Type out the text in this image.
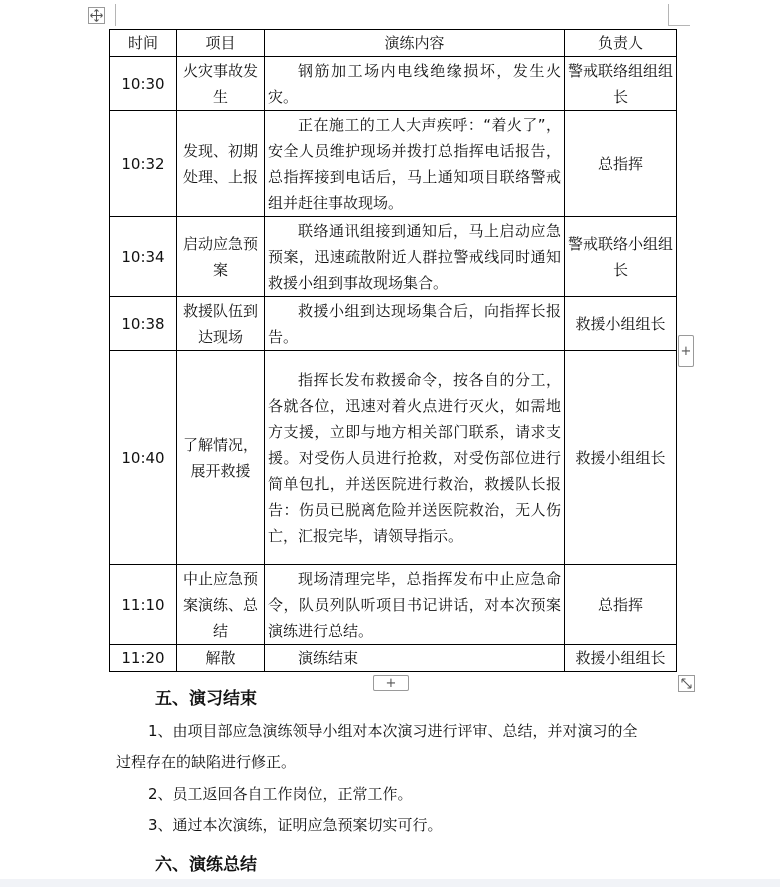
时间	项目	演练内容	负责人
10:30	火灾事故发生	钢筋加工场内电线绝缘损坏，发生火灾。	警戒联络组组组长
10:32	发现、初期处理、上报	正在施工的工人大声疾呼：“着火了”，安全人员维护现场并拨打总指挥电话报告，总指挥接到电话后，马上通知项目联络警戒组并赶往事故现场。	总指挥
10:34	启动应急预案	联络通讯组接到通知后，马上启动应急预案，迅速疏散附近人群拉警戒线同时通知救援小组到事故现场集合。	警戒联络小组组长
10:38	救援队伍到达现场	救援小组到达现场集合后，向指挥长报告。	救援小组组长
10:40	了解情况，展开救援	指挥长发布救援命令，按各自的分工，各就各位，迅速对着火点进行灭火，如需地方支援，立即与地方相关部门联系，请求支援。对受伤人员进行抢救，对受伤部位进行简单包扎，并送医院进行救治，救援队长报告：伤员已脱离危险并送医院救治，无人伤亡，汇报完毕，请领导指示。	救援小组组长
11:10	中止应急预案演练、总结	现场清理完毕，总指挥发布中止应急命令，队员列队听项目书记讲话，对本次预案演练进行总结。	总指挥
11:20	解散	演练结束	救援小组组长
+
+
五、演习结束
1、由项目部应急演练领导小组对本次演习进行评审、总结，并对演习的全
过程存在的缺陷进行修正。
2、员工返回各自工作岗位，正常工作。
3、通过本次演练，证明应急预案切实可行。
六、演练总结
